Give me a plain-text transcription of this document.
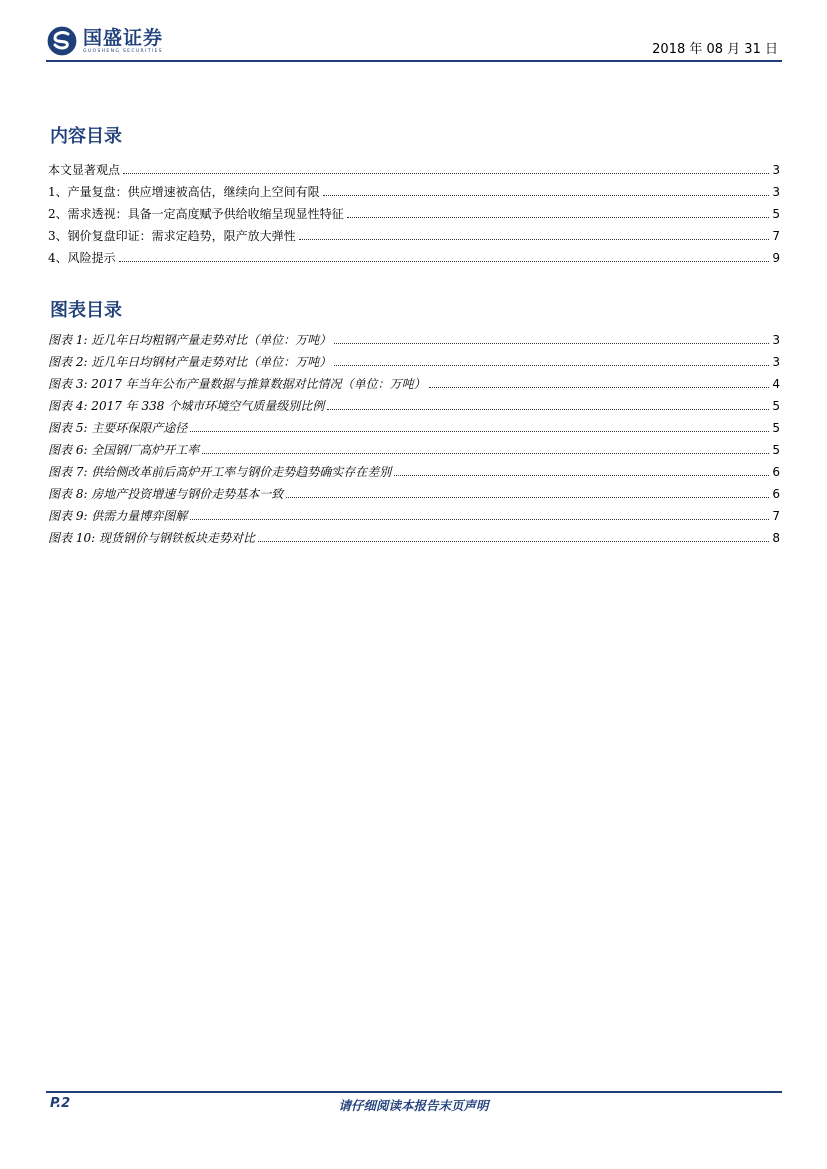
国盛证券
GUOSHENG SECURITIES	2018 年 08 月 31 日
内容目录
本文显著观点	3
1、产量复盘：供应增速被高估，继续向上空间有限	3
2、需求透视：具备一定高度赋予供给收缩呈现显性特征	5
3、钢价复盘印证：需求定趋势，限产放大弹性	7
4、风险提示	9
图表目录
图表 1: 近几年日均粗钢产量走势对比（单位：万吨）	3
图表 2: 近几年日均钢材产量走势对比（单位：万吨）	3
图表 3: 2017 年当年公布产量数据与推算数据对比情况（单位：万吨）	4
图表 4: 2017 年 338 个城市环境空气质量级别比例	5
图表 5: 主要环保限产途径	5
图表 6: 全国钢厂高炉开工率	5
图表 7: 供给侧改革前后高炉开工率与钢价走势趋势确实存在差别	6
图表 8: 房地产投资增速与钢价走势基本一致	6
图表 9: 供需力量博弈图解	7
图表 10: 现货钢价与钢铁板块走势对比	8
P.2	请仔细阅读本报告末页声明
